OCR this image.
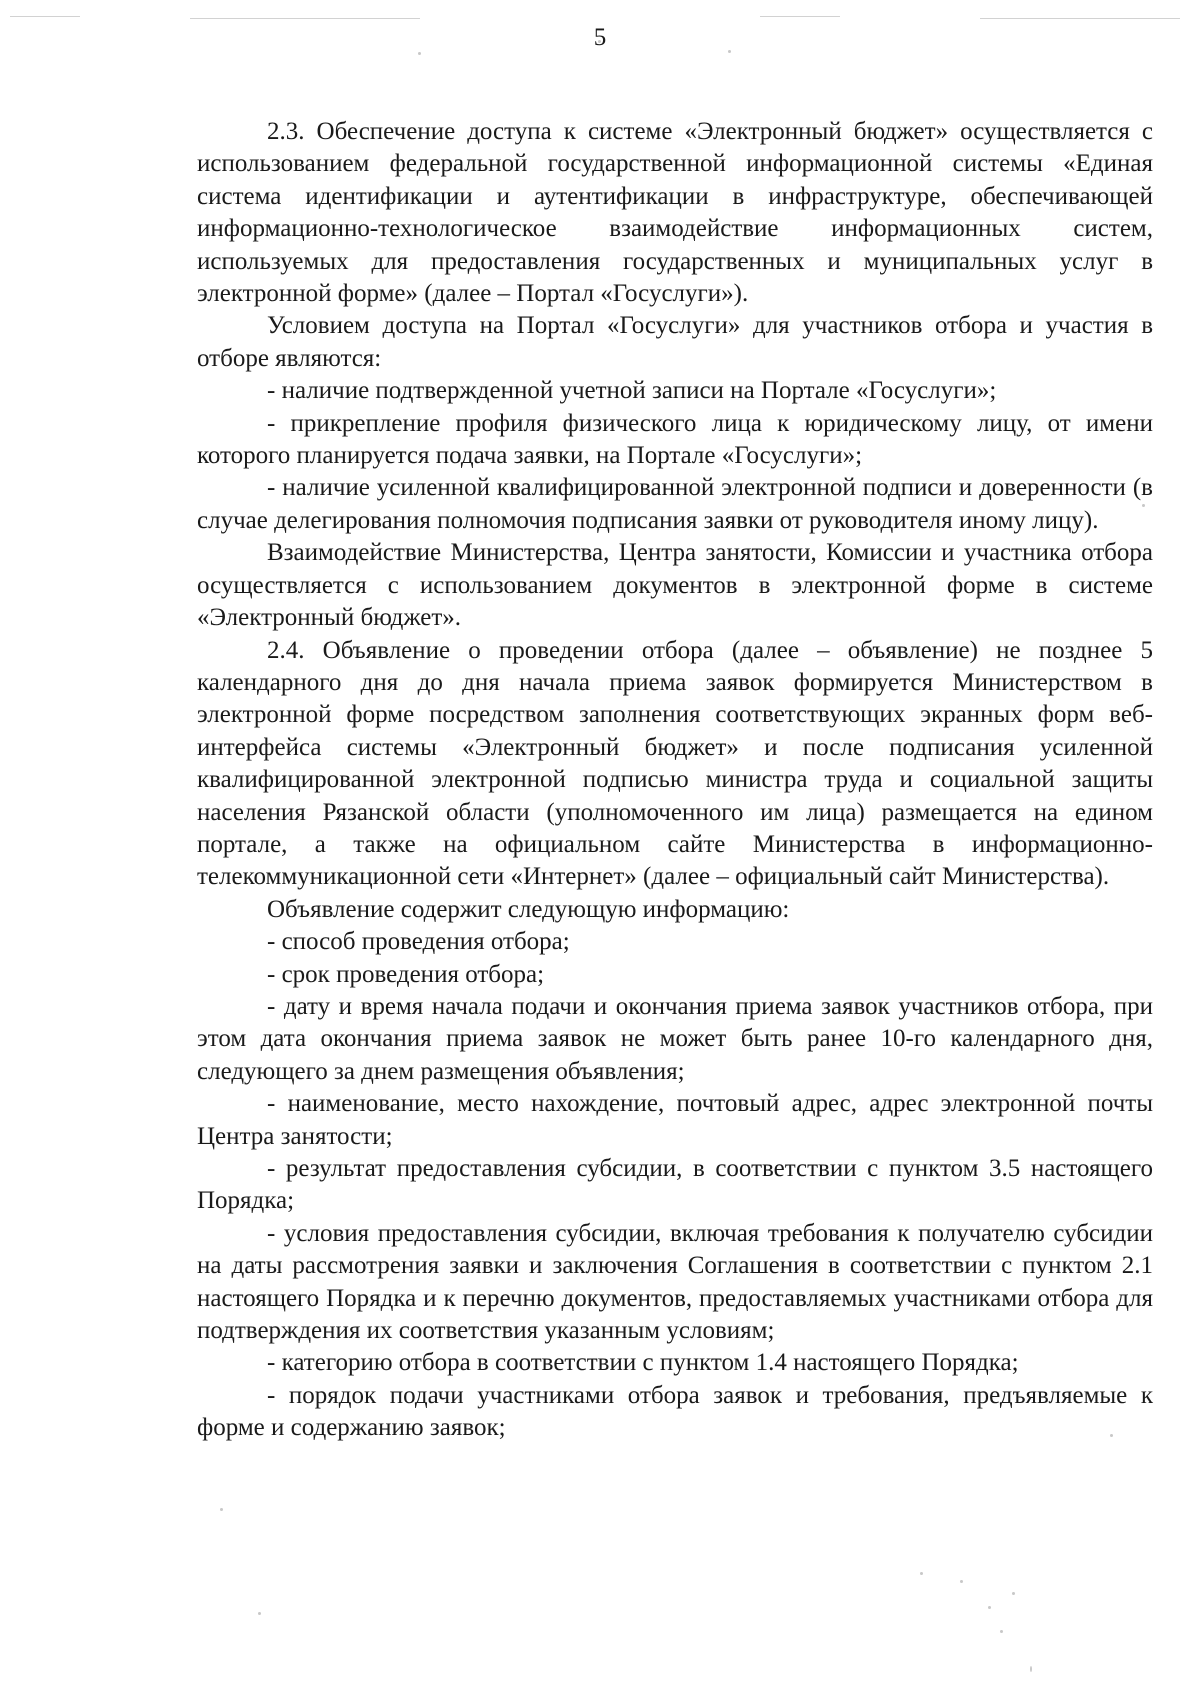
5

2.3. Обеспечение доступа к системе «Электронный бюджет» осуществляется с использованием федеральной государственной информационной системы «Единая система идентификации и аутентификации в инфраструктуре, обеспечивающей информационно-технологическое взаимодействие информационных систем, используемых для предоставления государственных и муниципальных услуг в электронной форме» (далее – Портал «Госуслуги»).

Условием доступа на Портал «Госуслуги» для участников отбора и участия в отборе являются:

- наличие подтвержденной учетной записи на Портале «Госуслуги»;

- прикрепление профиля физического лица к юридическому лицу, от имени которого планируется подача заявки, на Портале «Госуслуги»;

- наличие усиленной квалифицированной электронной подписи и доверенности (в случае делегирования полномочия подписания заявки от руководителя иному лицу).

Взаимодействие Министерства, Центра занятости, Комиссии и участника отбора осуществляется с использованием документов в электронной форме в системе «Электронный бюджет».

2.4. Объявление о проведении отбора (далее – объявление) не позднее 5 календарного дня до дня начала приема заявок формируется Министерством в электронной форме посредством заполнения соответствующих экранных форм веб-интерфейса системы «Электронный бюджет» и после подписания усиленной квалифицированной электронной подписью министра труда и социальной защиты населения Рязанской области (уполномоченного им лица) размещается на едином портале, а также на официальном сайте Министерства в информационно-телекоммуникационной сети «Интернет» (далее – официальный сайт Министерства).

Объявление содержит следующую информацию:

- способ проведения отбора;

- срок проведения отбора;

- дату и время начала подачи и окончания приема заявок участников отбора, при этом дата окончания приема заявок не может быть ранее 10-го календарного дня, следующего за днем размещения объявления;

- наименование, место нахождение, почтовый адрес, адрес электронной почты Центра занятости;

- результат предоставления субсидии, в соответствии с пунктом 3.5 настоящего Порядка;

- условия предоставления субсидии, включая требования к получателю субсидии на даты рассмотрения заявки и заключения Соглашения в соответствии с пунктом 2.1 настоящего Порядка и к перечню документов, предоставляемых участниками отбора для подтверждения их соответствия указанным условиям;

- категорию отбора в соответствии с пунктом 1.4 настоящего Порядка;

- порядок подачи участниками отбора заявок и требования, предъявляемые к форме и содержанию заявок;
